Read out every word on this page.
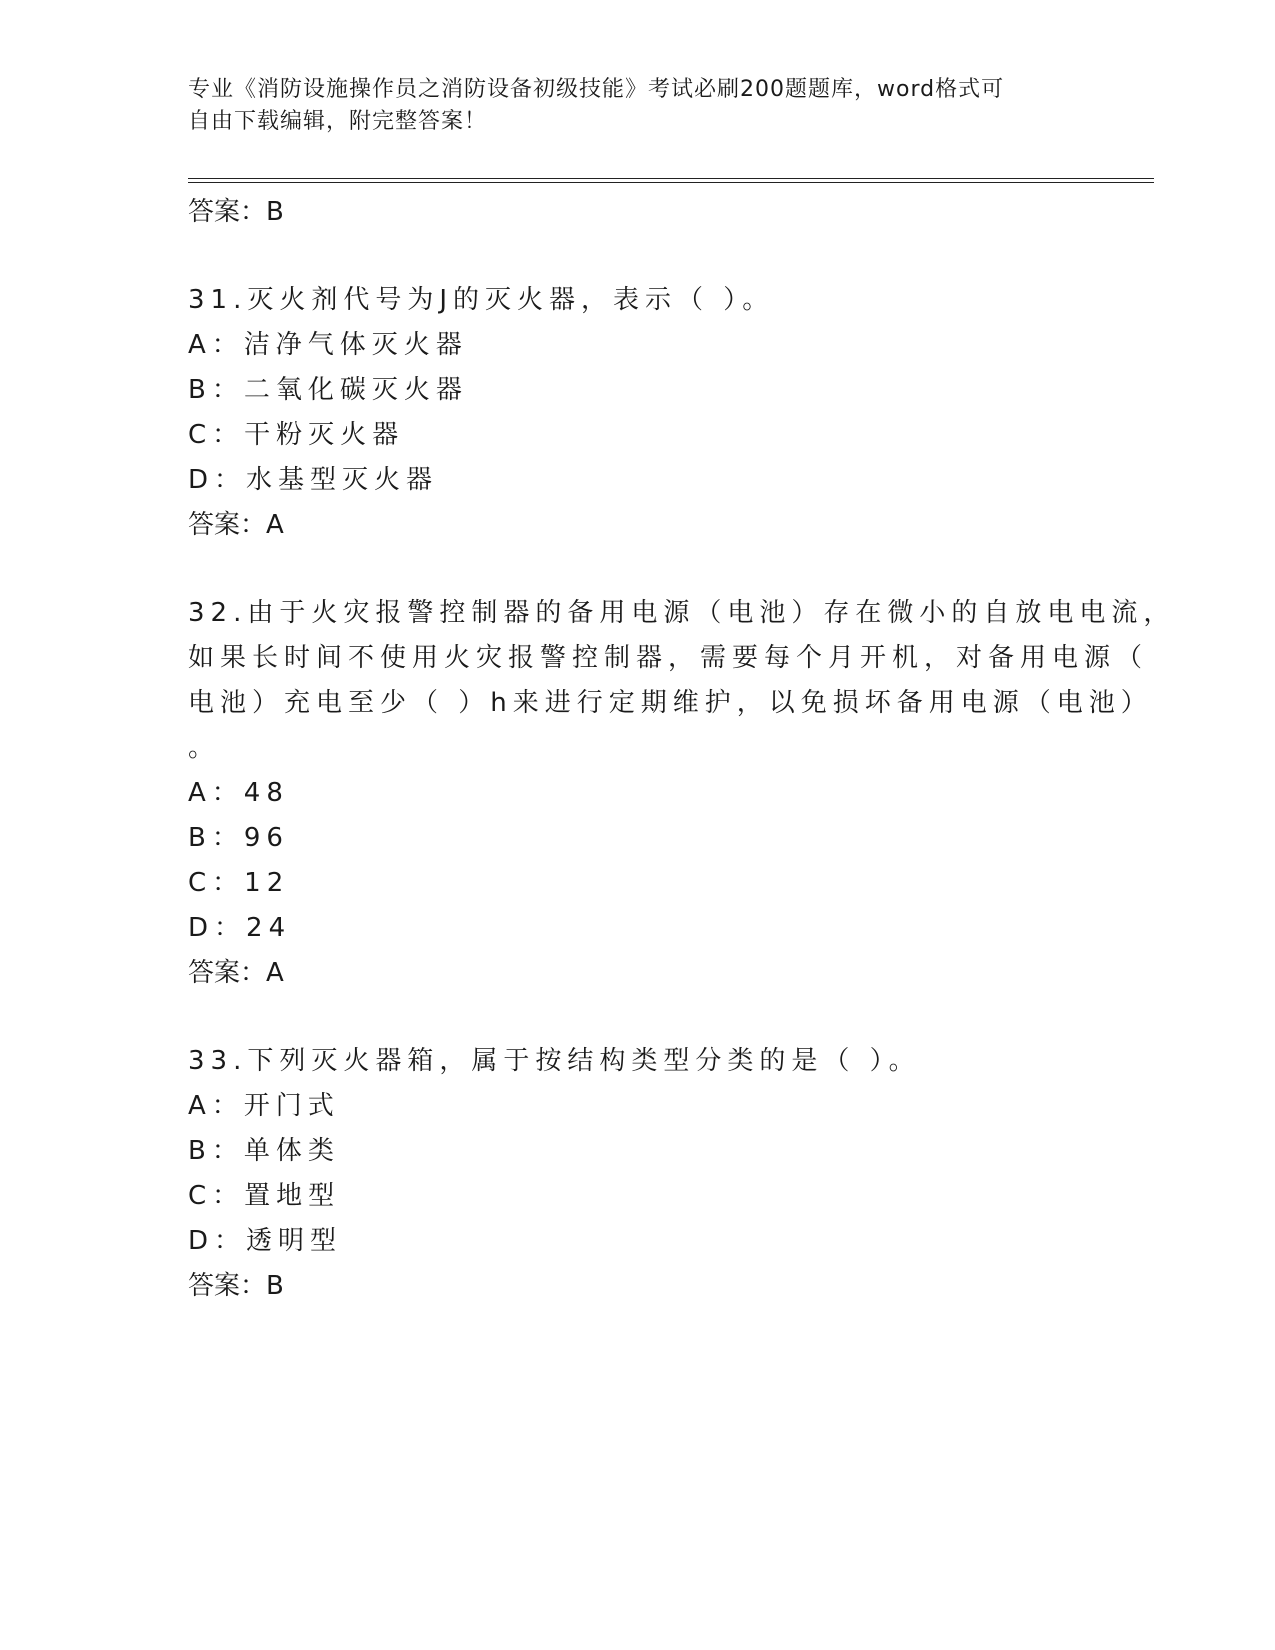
专业《消防设施操作员之消防设备初级技能》考试必刷200题题库，word格式可
自由下载编辑，附完整答案！
答案：B
31.灭火剂代号为J的灭火器，表示（ ）。
A：洁净气体灭火器
B：二氧化碳灭火器
C：干粉灭火器
D：水基型灭火器
答案：A
32.由于火灾报警控制器的备用电源（电池）存在微小的自放电电流，
如果长时间不使用火灾报警控制器，需要每个月开机，对备用电源（
电池）充电至少（ ）h来进行定期维护，以免损坏备用电源（电池）
。
A：48
B：96
C：12
D：24
答案：A
33.下列灭火器箱，属于按结构类型分类的是（ ）。
A：开门式
B：单体类
C：置地型
D：透明型
答案：B
